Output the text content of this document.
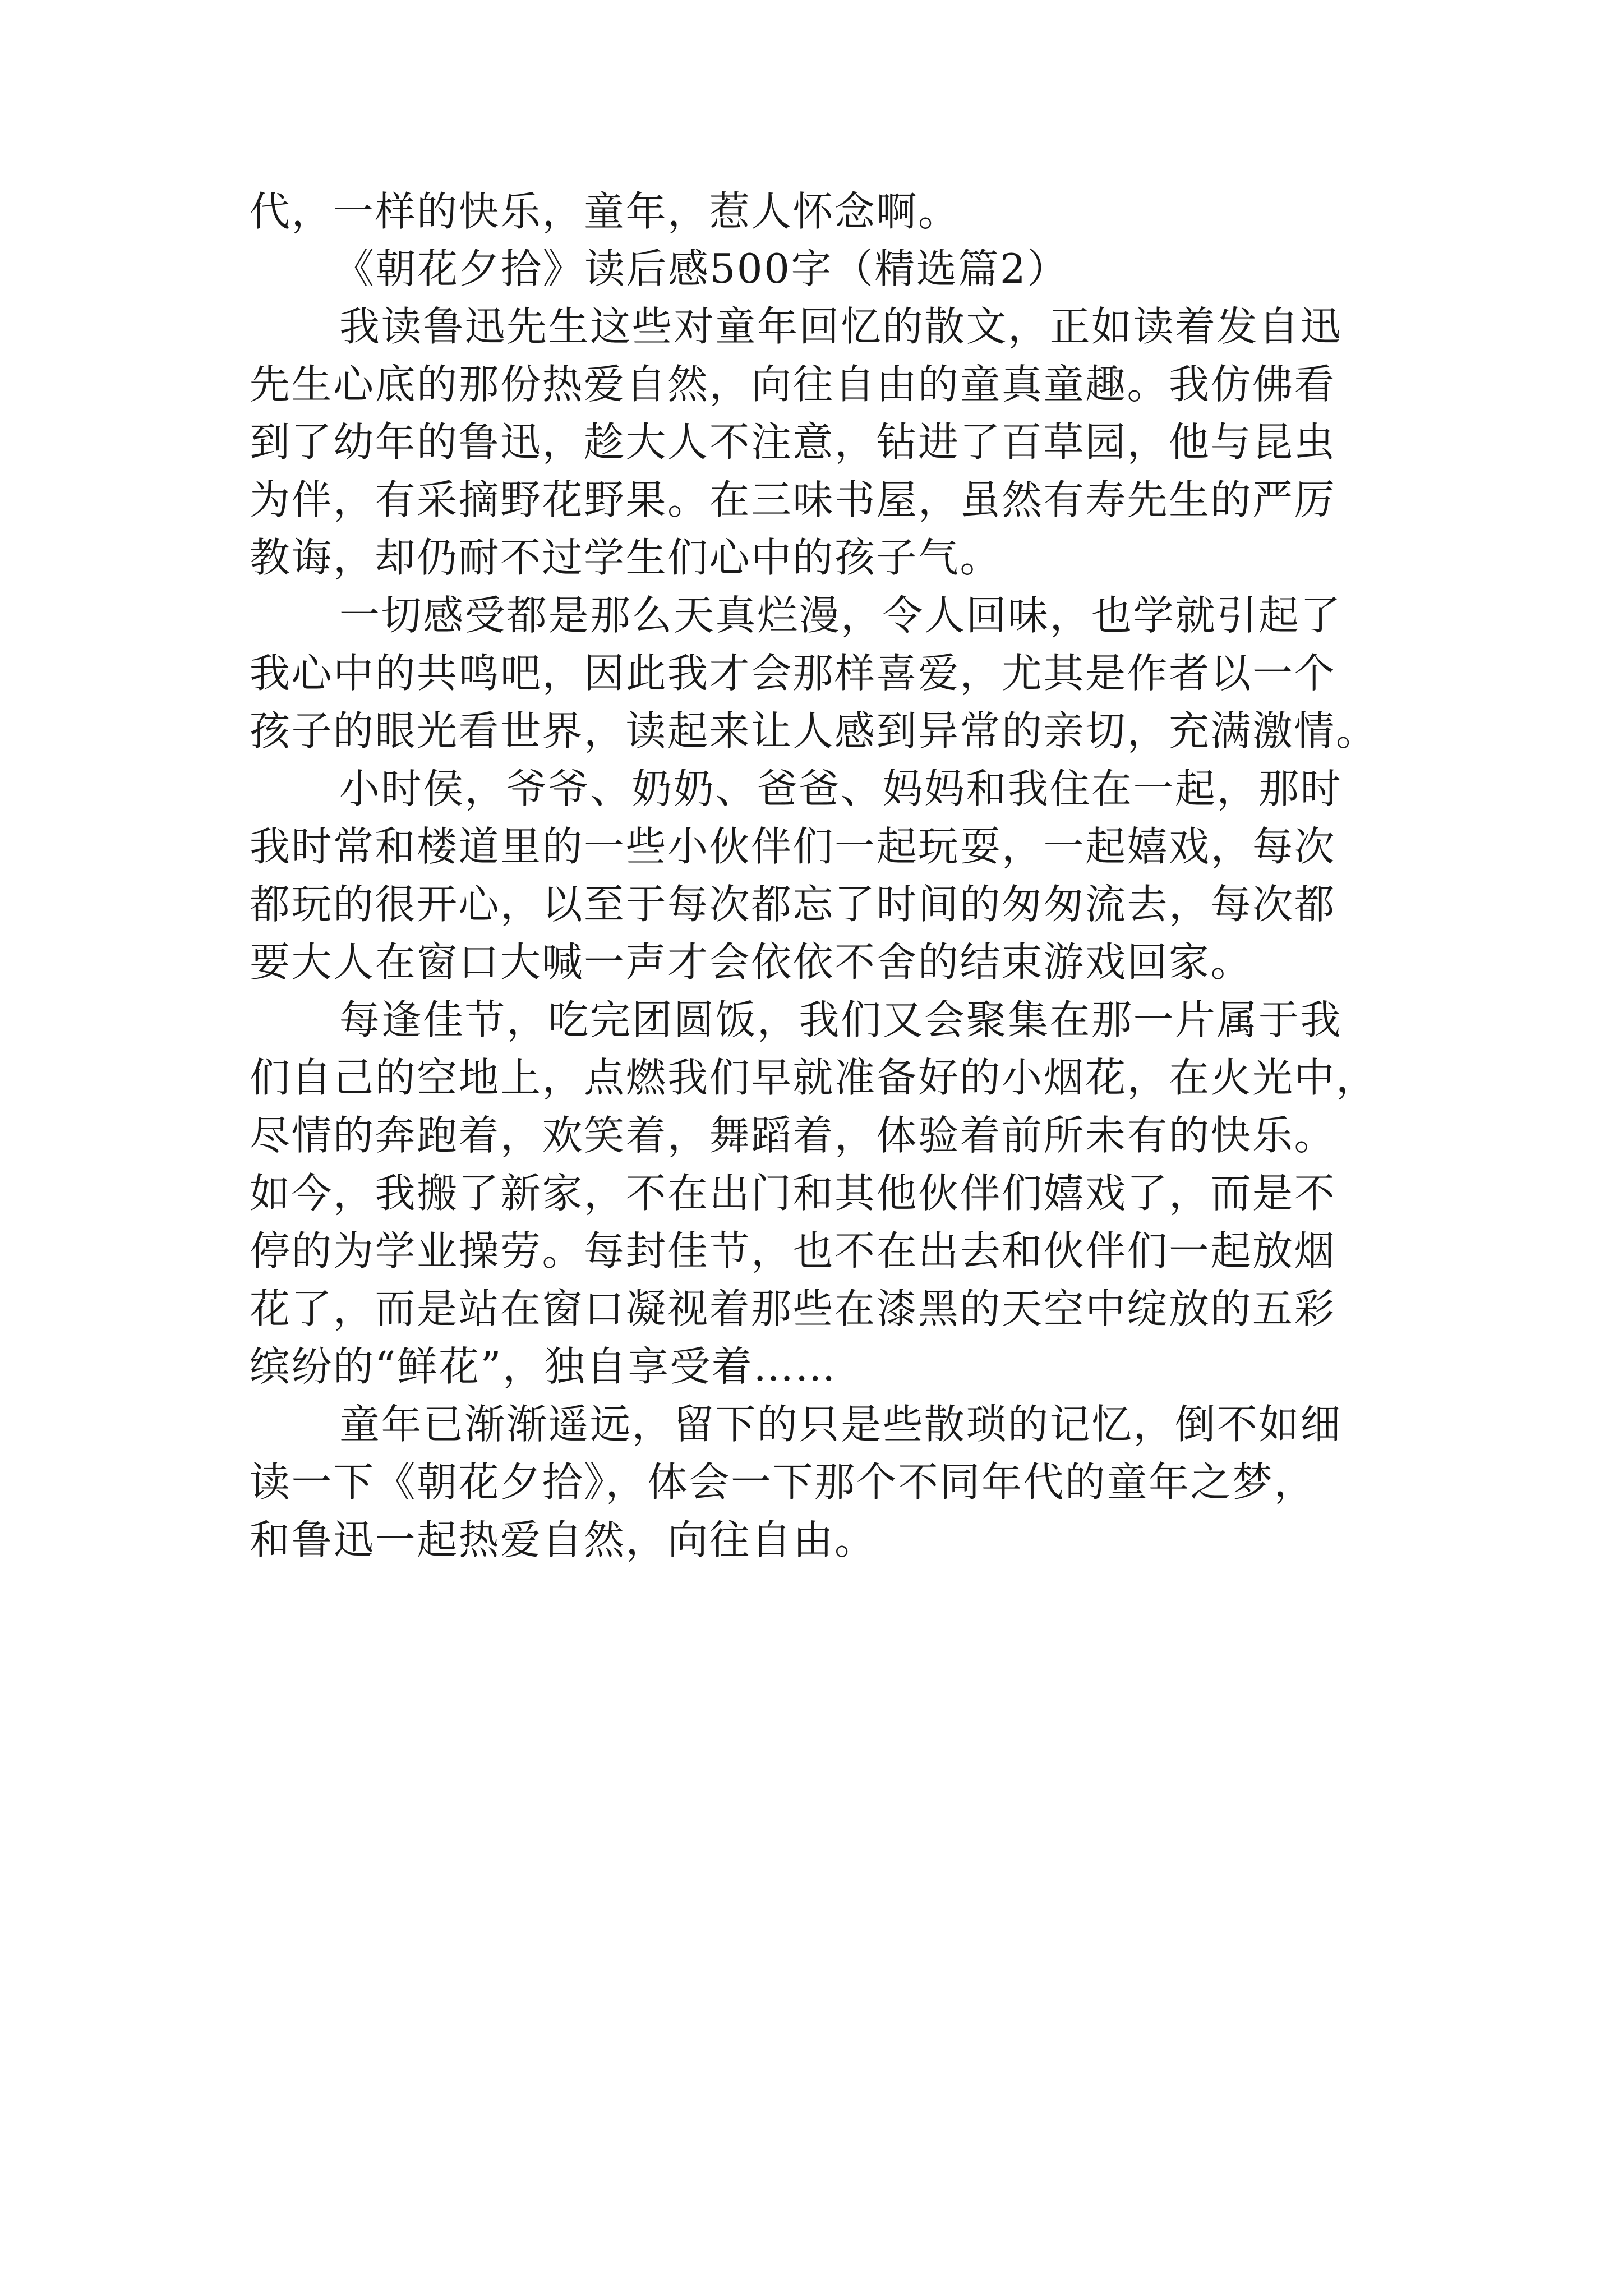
代，一样的快乐，童年，惹人怀念啊。
《朝花夕拾》读后感500字（精选篇2）
我读鲁迅先生这些对童年回忆的散文，正如读着发自迅
先生心底的那份热爱自然，向往自由的童真童趣。我仿佛看
到了幼年的鲁迅，趁大人不注意，钻进了百草园，他与昆虫
为伴，有采摘野花野果。在三味书屋，虽然有寿先生的严厉
教诲，却仍耐不过学生们心中的孩子气。
一切感受都是那么天真烂漫，令人回味，也学就引起了
我心中的共鸣吧，因此我才会那样喜爱，尤其是作者以一个
孩子的眼光看世界，读起来让人感到异常的亲切，充满激情。
小时侯，爷爷、奶奶、爸爸、妈妈和我住在一起，那时
我时常和楼道里的一些小伙伴们一起玩耍，一起嬉戏，每次
都玩的很开心，以至于每次都忘了时间的匆匆流去，每次都
要大人在窗口大喊一声才会依依不舍的结束游戏回家。
每逢佳节，吃完团圆饭，我们又会聚集在那一片属于我
们自己的空地上，点燃我们早就准备好的小烟花，在火光中，
尽情的奔跑着，欢笑着，舞蹈着，体验着前所未有的快乐。
如今，我搬了新家，不在出门和其他伙伴们嬉戏了，而是不
停的为学业操劳。每封佳节，也不在出去和伙伴们一起放烟
花了，而是站在窗口凝视着那些在漆黑的天空中绽放的五彩
缤纷的“鲜花”，独自享受着……
童年已渐渐遥远，留下的只是些散琐的记忆，倒不如细
读一下《朝花夕拾》，体会一下那个不同年代的童年之梦，
和鲁迅一起热爱自然，向往自由。
